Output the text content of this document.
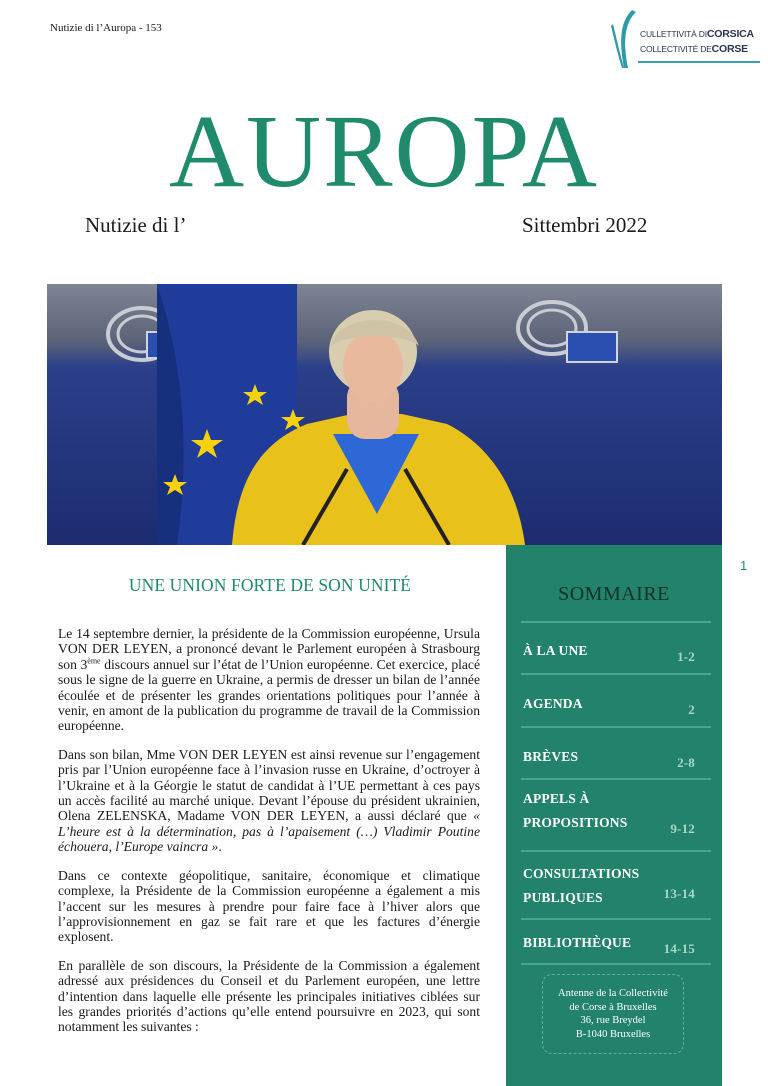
Nutizie di l’Auropa - 153	CULLETTIVITÀ DICORSICA
COLLECTIVITÉ DECORSE
AUROPA
Nutizie di l’	Sittembri 2022
1
UNE UNION FORTE DE SON UNITÉ

Le 14 septembre dernier, la présidente de la Commission européenne, Ursula VON DER LEYEN, a prononcé devant le Parlement européen à Strasbourg son 3ème discours annuel sur l’état de l’Union européenne. Cet exercice, placé sous le signe de la guerre en Ukraine, a permis de dresser un bilan de l’année écoulée et de présenter les grandes orientations politiques pour l’année à venir, en amont de la publication du programme de travail de la Commission européenne.

Dans son bilan, Mme VON DER LEYEN est ainsi revenue sur l’engagement pris par l’Union européenne face à l’invasion russe en Ukraine, d’octroyer à l’Ukraine et à la Géorgie le statut de candidat à l’UE permettant à ces pays un accès facilité au marché unique. Devant l’épouse du président ukrainien, Olena ZELENSKA, Madame VON DER LEYEN, a aussi déclaré que « L’heure est à la détermination, pas à l’apaisement (…) Vladimir Poutine échouera, l’Europe vaincra ».

Dans ce contexte géopolitique, sanitaire, économique et climatique complexe, la Présidente de la Commission européenne a également a mis l’accent sur les mesures à prendre pour faire face à l’hiver alors que l’approvisionnement en gaz se fait rare et que les factures d’énergie explosent.

En parallèle de son discours, la Présidente de la Commission a également adressé aux présidences du Conseil et du Parlement européen, une lettre d’intention dans laquelle elle présente les principales initiatives ciblées sur les grandes priorités d’actions qu’elle entend poursuivre en 2023, qui sont notamment les suivantes :

SOMMAIRE
À LA UNE	1-2
AGENDA	2
BRÈVES	2-8
APPELS À
PROPOSITIONS	9-12
CONSULTATIONS
PUBLIQUES	13-14
BIBLIOTHÈQUE 14-15
Antenne de la Collectivité
de Corse à Bruxelles
36, rue Breydel
B-1040 Bruxelles
